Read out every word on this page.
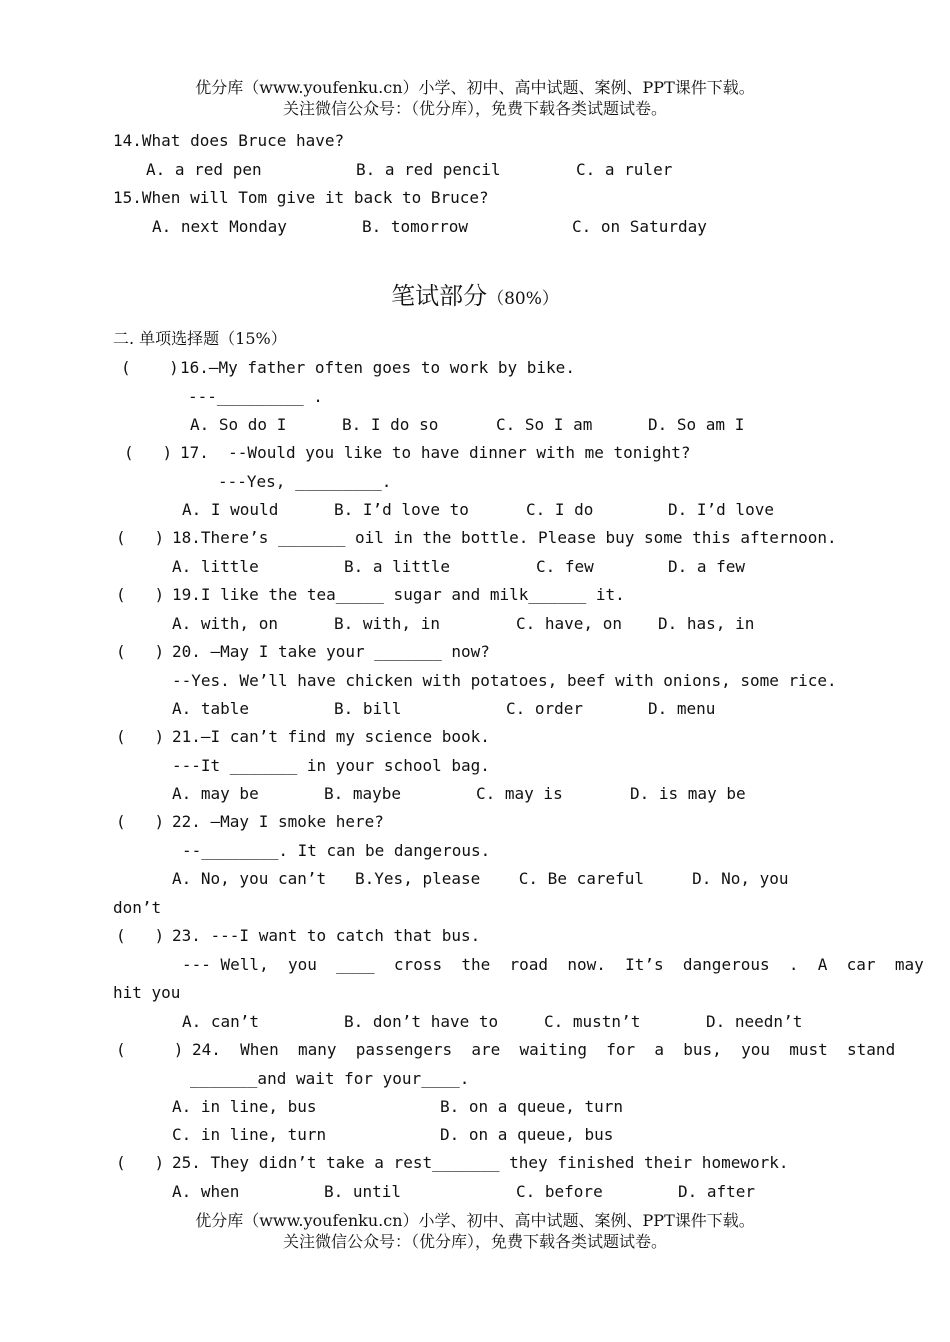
优分库（www.youfenku.cn）小学、初中、高中试题、案例、PPT课件下载。
关注微信公众号：（优分库），免费下载各类试题试卷。
14.What does Bruce have?
A. a red pen	B. a red pencil	C. a ruler
15.When will Tom give it back to Bruce?
A. next Monday	B. tomorrow	C. on Saturday
笔试部分（80%）
二. 单项选择题（15%）
(    ) 16.—My father often goes to work by bike.
---_________ .
A. So do I	B. I do so	C. So I am	D. So am I
(   ) 17.  --Would you like to have dinner with me tonight?
---Yes, _________.
A. I would	B. I’d love to	C. I do	D. I’d love
(   ) 18.There’s _______ oil in the bottle. Please buy some this afternoon.
A. little	B. a little	C. few	D. a few
(   ) 19.I like the tea_____ sugar and milk______ it.
A. with, on	B. with, in	C. have, on D. has, in
(   ) 20. –May I take your _______ now?
--Yes. We’ll have chicken with potatoes, beef with onions, some rice.
A. table	B. bill	C. order	D. menu
(   ) 21.—I can’t find my science book.
---It _______ in your school bag.
A. may be	B. maybe	C. may is	D. is may be
(   ) 22. –May I smoke here?
--________. It can be dangerous.
A. No, you can’t   B.Yes, please    C. Be careful     D. No, you
don’t
(   ) 23. ---I want to catch that bus.
--- Well,  you  ____  cross  the  road  now.  It’s  dangerous  .  A  car  may
hit you
A. can’t	B. don’t have to	C. mustn’t	D. needn’t
(     ) 24.  When  many  passengers  are  waiting  for  a  bus,  you  must  stand
_______and wait for your____.
A. in line, bus	B. on a queue, turn
C. in line, turn	D. on a queue, bus
(   ) 25. They didn’t take a rest_______ they finished their homework.
A. when	B. until	C. before	D. after
优分库（www.youfenku.cn）小学、初中、高中试题、案例、PPT课件下载。
关注微信公众号：（优分库），免费下载各类试题试卷。
